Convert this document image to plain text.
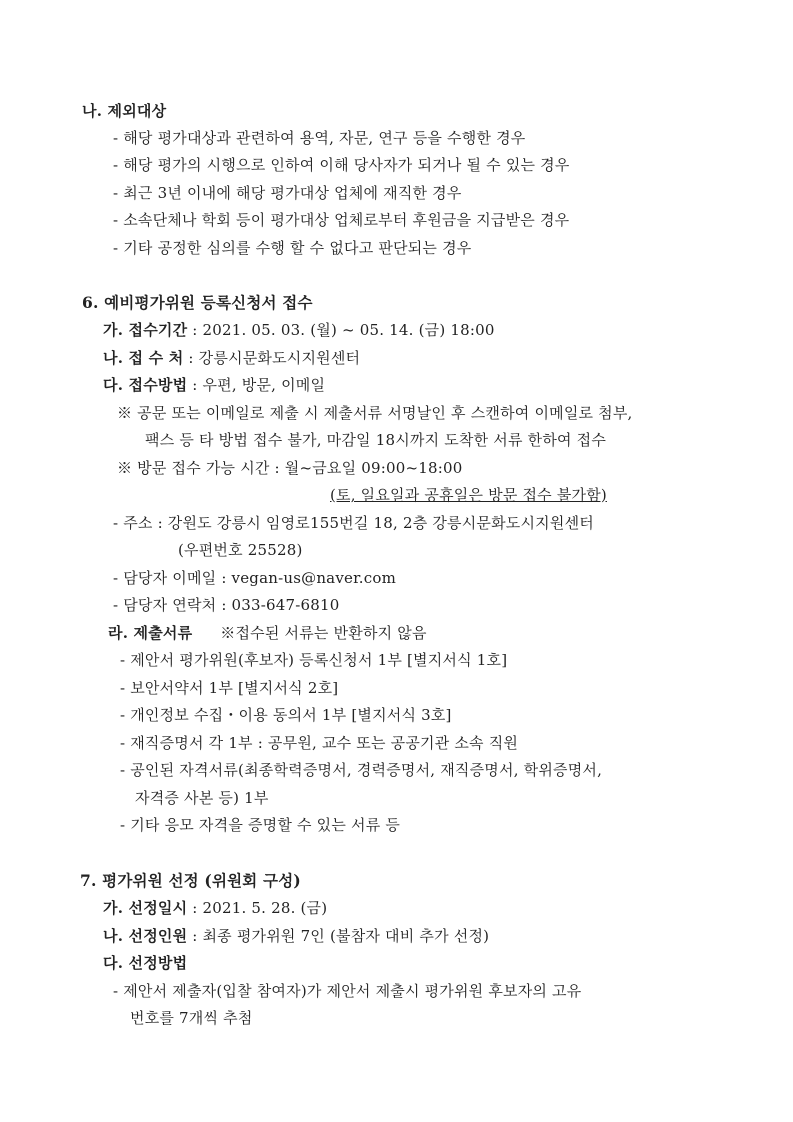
나. 제외대상
- 해당 평가대상과 관련하여 용역, 자문, 연구 등을 수행한 경우
- 해당 평가의 시행으로 인하여 이해 당사자가 되거나 될 수 있는 경우
- 최근 3년 이내에 해당 평가대상 업체에 재직한 경우
- 소속단체나 학회 등이 평가대상 업체로부터 후원금을 지급받은 경우
- 기타 공정한 심의를 수행 할 수 없다고 판단되는 경우
6. 예비평가위원 등록신청서 접수
가. 접수기간 : 2021. 05. 03. (월) ~ 05. 14. (금) 18:00
나. 접 수 처 : 강릉시문화도시지원센터
다. 접수방법 : 우편, 방문, 이메일
※ 공문 또는 이메일로 제출 시 제출서류 서명날인 후 스캔하여 이메일로 첨부,
팩스 등 타 방법 접수 불가, 마감일 18시까지 도착한 서류 한하여 접수
※ 방문 접수 가능 시간 : 월~금요일 09:00~18:00
(토, 일요일과 공휴일은 방문 접수 불가함)
- 주소 : 강원도 강릉시 임영로155번길 18, 2층 강릉시문화도시지원센터
(우편번호 25528)
- 담당자 이메일 : vegan-us@naver.com
- 담당자 연락처 : 033-647-6810
라. 제출서류 ※접수된 서류는 반환하지 않음
- 제안서 평가위원(후보자) 등록신청서 1부 [별지서식 1호]
- 보안서약서 1부 [별지서식 2호]
- 개인정보 수집・이용 동의서 1부 [별지서식 3호]
- 재직증명서 각 1부 : 공무원, 교수 또는 공공기관 소속 직원
- 공인된 자격서류(최종학력증명서, 경력증명서, 재직증명서, 학위증명서,
자격증 사본 등) 1부
- 기타 응모 자격을 증명할 수 있는 서류 등
7. 평가위원 선정 (위원회 구성)
가. 선정일시 : 2021. 5. 28. (금)
나. 선정인원 : 최종 평가위원 7인 (불참자 대비 추가 선정)
다. 선정방법
- 제안서 제출자(입찰 참여자)가 제안서 제출시 평가위원 후보자의 고유
번호를 7개씩 추첨
